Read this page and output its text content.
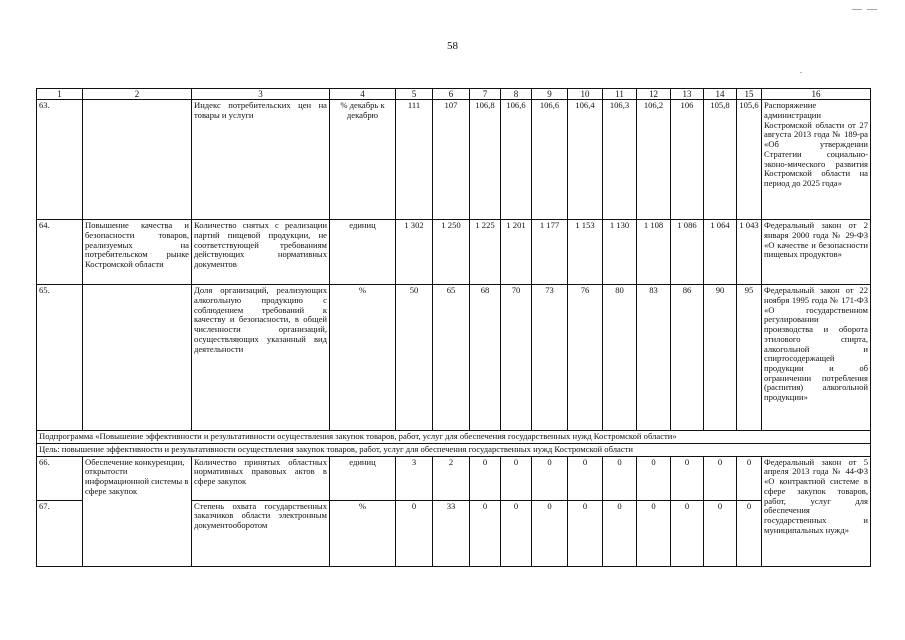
—  —
.
58
1	2	3	4	5	6	7	8	9	10	11	12	13	14	15	16
63.		Индекс потребительских цен на товары и услуги	% декабрь к декабрю	111	107	106,8	106,6	106,6	106,4	106,3	106,2	106	105,8	105,6	Распоряжение администрации Костромской области от 27 августа 2013 года № 189-ра «Об утверждении Стратегии социально-эконо-мического развития Костромской области на период до 2025 года»
64.	Повышение качества и безопасности товаров, реализуемых на потребительском рынке Костромской области	Количество снятых с реализации партий пищевой продукции, не соответствующей требованиям действующих нормативных документов	единиц	1 302	1 250	1 225	1 201	1 177	1 153	1 130	1 108	1 086	1 064	1 043	Федеральный закон от 2 января 2000 года № 29-ФЗ «О качестве и безопасности пищевых продуктов»
65.		Доля организаций, реализующих алкогольную продукцию с соблюдением требований к качеству и безопасности, в общей численности организаций, осуществляющих указанный вид деятельности	%	50	65	68	70	73	76	80	83	86	90	95	Федеральный закон от 22 ноября 1995 года № 171-ФЗ «О государственном регулировании производства и оборота этилового спирта, алкогольной и спиртосодержащей продукции и об ограничении потребления (распития) алкогольной продукции»
Подпрограмма «Повышение эффективности и результативности осуществления закупок товаров, работ, услуг для обеспечения государственных нужд Костромской области»															
Цель: повышение эффективности и результативности осуществления закупок товаров, работ, услуг для обеспечения государственных нужд Костромской области															
66.	Обеспечение конкуренции, открытости информационной системы в сфере закупок	Количество принятых областных нормативных правовых актов в сфере закупок	единиц	3	2	0	0	0	0	0	0	0	0	0	Федеральный закон от 5 апреля 2013 года № 44-ФЗ «О контрактной системе в сфере закупок товаров, работ, услуг для обеспечения государственных и муниципальных нужд»
67.		Степень охвата государственных заказчиков области электронным документооборотом	%	0	33	0	0	0	0	0	0	0	0	0	
